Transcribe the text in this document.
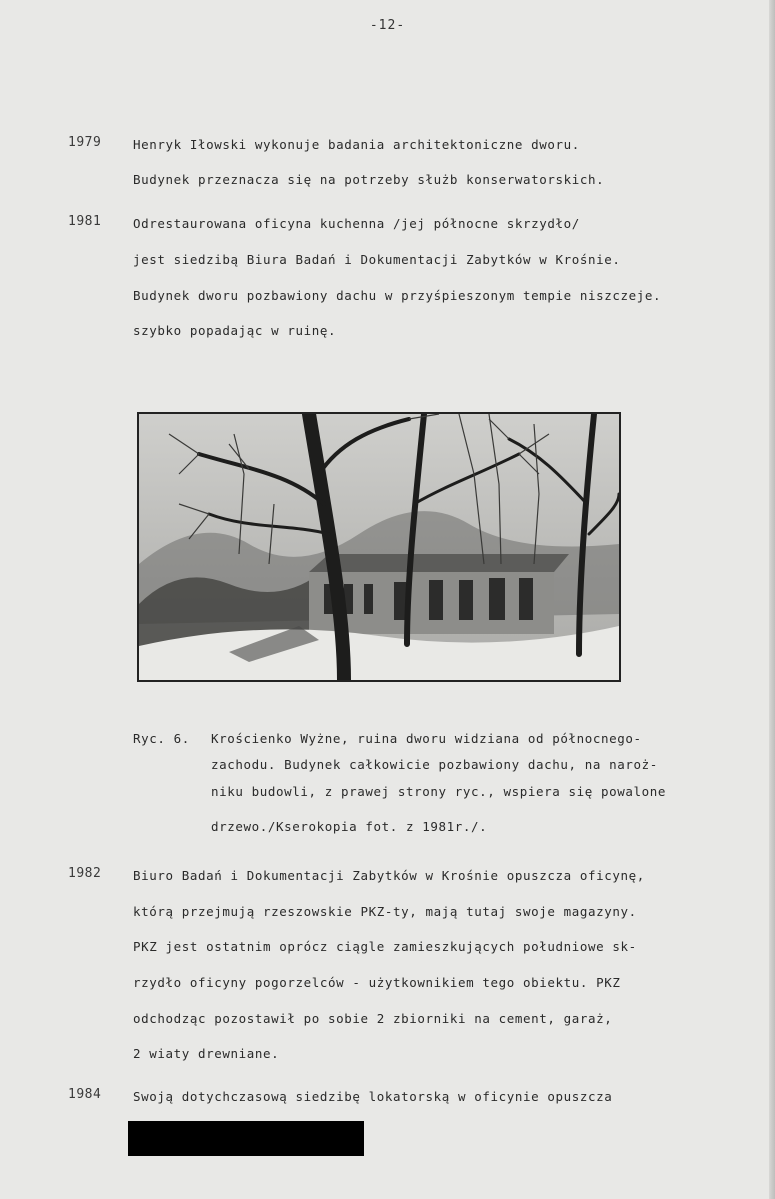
-12-
1979	Henryk Iłowski wykonuje badania architektoniczne dworu.
Budynek przeznacza się na potrzeby służb konserwatorskich.
1981	Odrestaurowana oficyna kuchenna /jej północne skrzydło/
jest siedzibą Biura Badań i Dokumentacji Zabytków w Krośnie.
Budynek dworu pozbawiony dachu w przyśpieszonym tempie niszczeje.
szybko popadając w ruinę.
Ryc. 6. Krościenko Wyżne, ruina dworu widziana od północnego-
zachodu. Budynek całkowicie pozbawiony dachu, na naroż-
niku budowli, z prawej strony ryc., wspiera się powalone
drzewo./Kserokopia fot. z 1981r./.
1982	Biuro Badań i Dokumentacji Zabytków w Krośnie opuszcza oficynę,
którą przejmują rzeszowskie PKZ-ty, mają tutaj swoje magazyny.
PKZ jest ostatnim oprócz ciągle zamieszkujących południowe sk-
rzydło oficyny pogorzelców - użytkownikiem tego obiektu. PKZ
odchodząc pozostawił po sobie 2 zbiorniki na cement, garaż,
2 wiaty drewniane.
1984	Swoją dotychczasową siedzibę lokatorską w oficynie opuszcza
